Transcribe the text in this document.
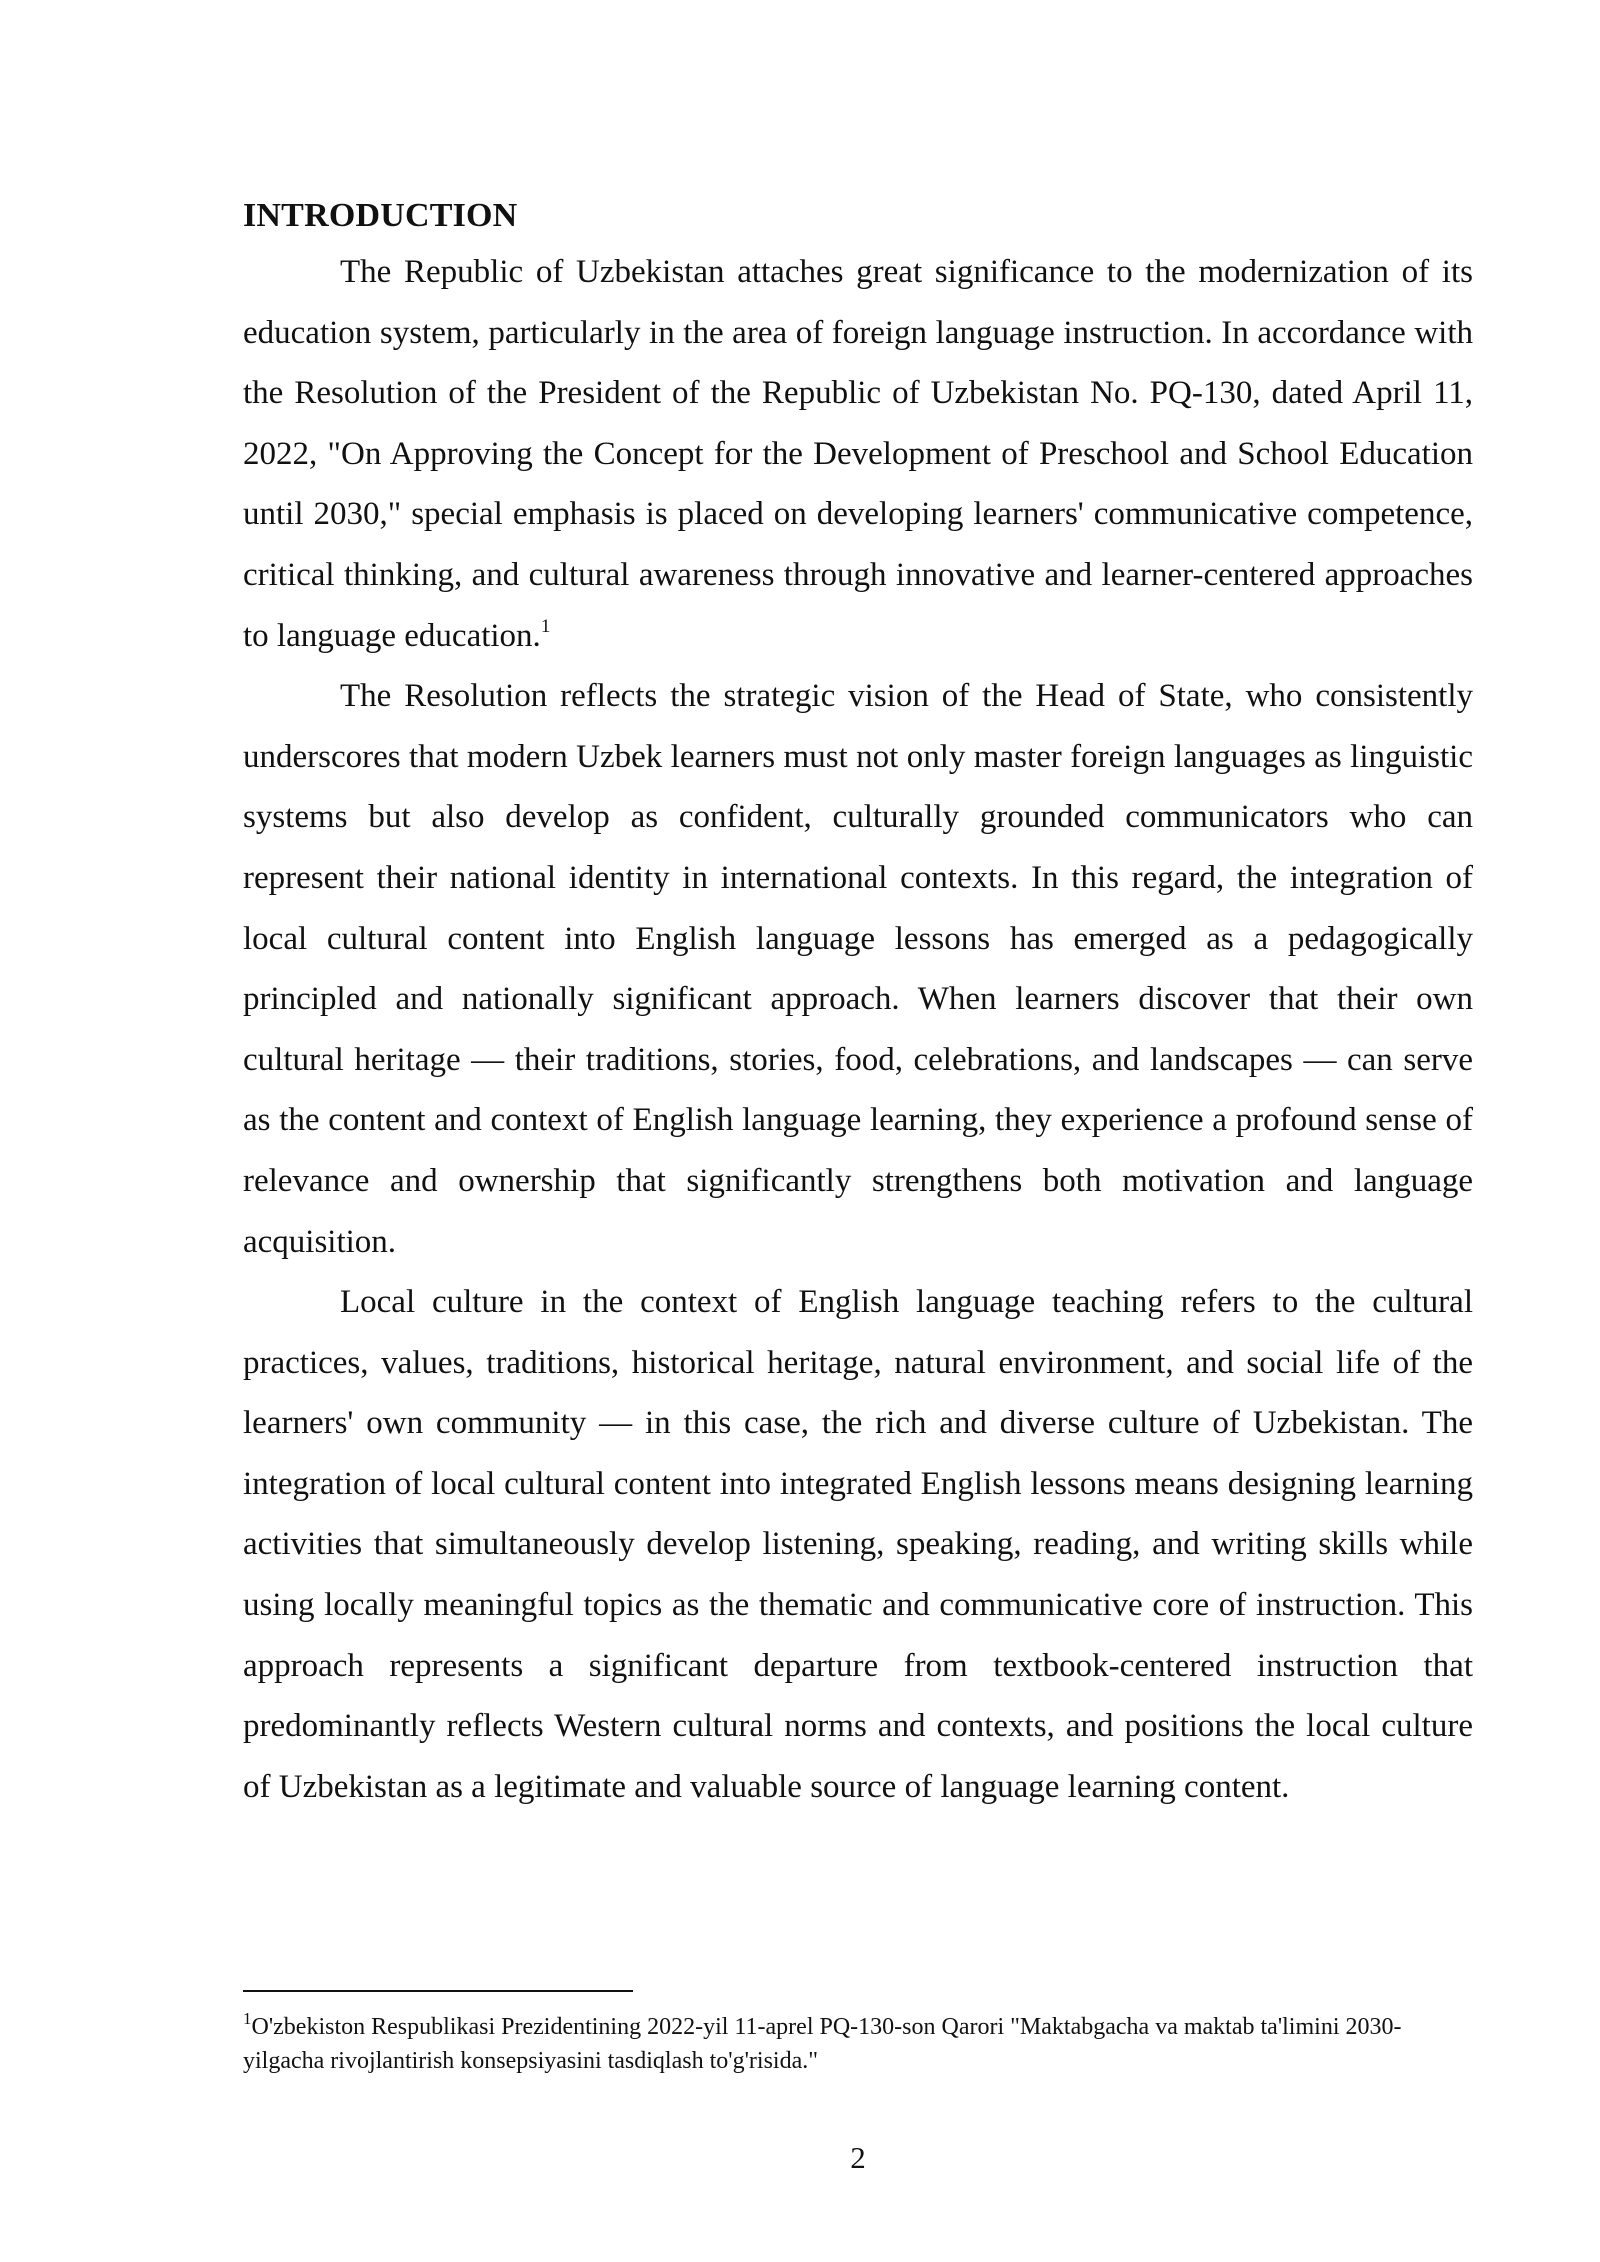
INTRODUCTION

The Republic of Uzbekistan attaches great significance to the modernization of its education system, particularly in the area of foreign language instruction. In accordance with the Resolution of the President of the Republic of Uzbekistan No. PQ-130, dated April 11, 2022, "On Approving the Concept for the Development of Preschool and School Education until 2030," special emphasis is placed on developing learners' communicative competence, critical thinking, and cultural awareness through innovative and learner-centered approaches to language education.$^1$

The Resolution reflects the strategic vision of the Head of State, who consistently underscores that modern Uzbek learners must not only master foreign languages as linguistic systems but also develop as confident, culturally grounded communicators who can represent their national identity in international contexts. In this regard, the integration of local cultural content into English language lessons has emerged as a pedagogically principled and nationally significant approach. When learners discover that their own cultural heritage — their traditions, stories, food, celebrations, and landscapes — can serve as the content and context of English language learning, they experience a profound sense of relevance and ownership that significantly strengthens both motivation and language acquisition.

Local culture in the context of English language teaching refers to the cultural practices, values, traditions, historical heritage, natural environment, and social life of the learners' own community — in this case, the rich and diverse culture of Uzbekistan. The integration of local cultural content into integrated English lessons means designing learning activities that simultaneously develop listening, speaking, reading, and writing skills while using locally meaningful topics as the thematic and communicative core of instruction. This approach represents a significant departure from textbook-centered instruction that predominantly reflects Western cultural norms and contexts, and positions the local culture of Uzbekistan as a legitimate and valuable source of language learning content.

$^1$O'zbekiston Respublikasi Prezidentining 2022-yil 11-aprel PQ-130-son Qarori "Maktabgacha va maktab ta'limini 2030-yilgacha rivojlantirish konsepsiyasini tasdiqlash to'g'risida."

2
